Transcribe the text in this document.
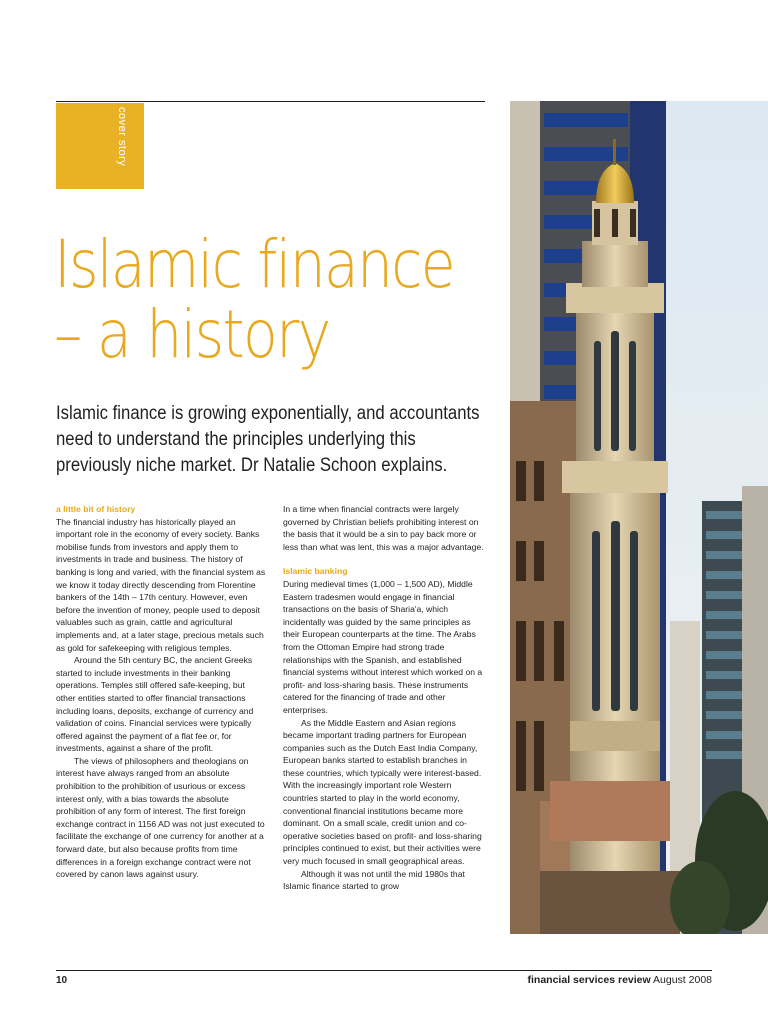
cover story
Islamic finance
– a history
Islamic finance is growing exponentially, and accountants need to understand the principles underlying this previously niche market. Dr Natalie Schoon explains.
a little bit of history

The financial industry has historically played an important role in the economy of every society. Banks mobilise funds from investors and apply them to investments in trade and business. The history of banking is long and varied, with the financial system as we know it today directly descending from Florentine bankers of the 14th – 17th century. However, even before the invention of money, people used to deposit valuables such as grain, cattle and agricultural implements and, at a later stage, precious metals such as gold for safekeeping with religious temples.

Around the 5th century BC, the ancient Greeks started to include investments in their banking operations. Temples still offered safe-keeping, but other entities started to offer financial transactions including loans, deposits, exchange of currency and validation of coins. Financial services were typically offered against the payment of a flat fee or, for investments, against a share of the profit.

The views of philosophers and theologians on interest have always ranged from an absolute prohibition to the prohibition of usurious or excess interest only, with a bias towards the absolute prohibition of any form of interest. The first foreign exchange contract in 1156 AD was not just executed to facilitate the exchange of one currency for another at a forward date, but also because profits from time differences in a foreign exchange contract were not covered by canon laws against usury.

In a time when financial contracts were largely governed by Christian beliefs prohibiting interest on the basis that it would be a sin to pay back more or less than what was lent, this was a major advantage.

Islamic banking

During medieval times (1,000 – 1,500 AD), Middle Eastern tradesmen would engage in financial transactions on the basis of Sharia'a, which incidentally was guided by the same principles as their European counterparts at the time. The Arabs from the Ottoman Empire had strong trade relationships with the Spanish, and established financial systems without interest which worked on a profit- and loss-sharing basis. These instruments catered for the financing of trade and other enterprises.

As the Middle Eastern and Asian regions became important trading partners for European companies such as the Dutch East India Company, European banks started to establish branches in these countries, which typically were interest-based. With the increasingly important role Western countries started to play in the world economy, conventional financial institutions became more dominant. On a small scale, credit union and co-operative societies based on profit- and loss-sharing principles continued to exist, but their activities were very much focused in small geographical areas.

Although it was not until the mid 1980s that Islamic finance started to grow

10	financial services review August 2008
